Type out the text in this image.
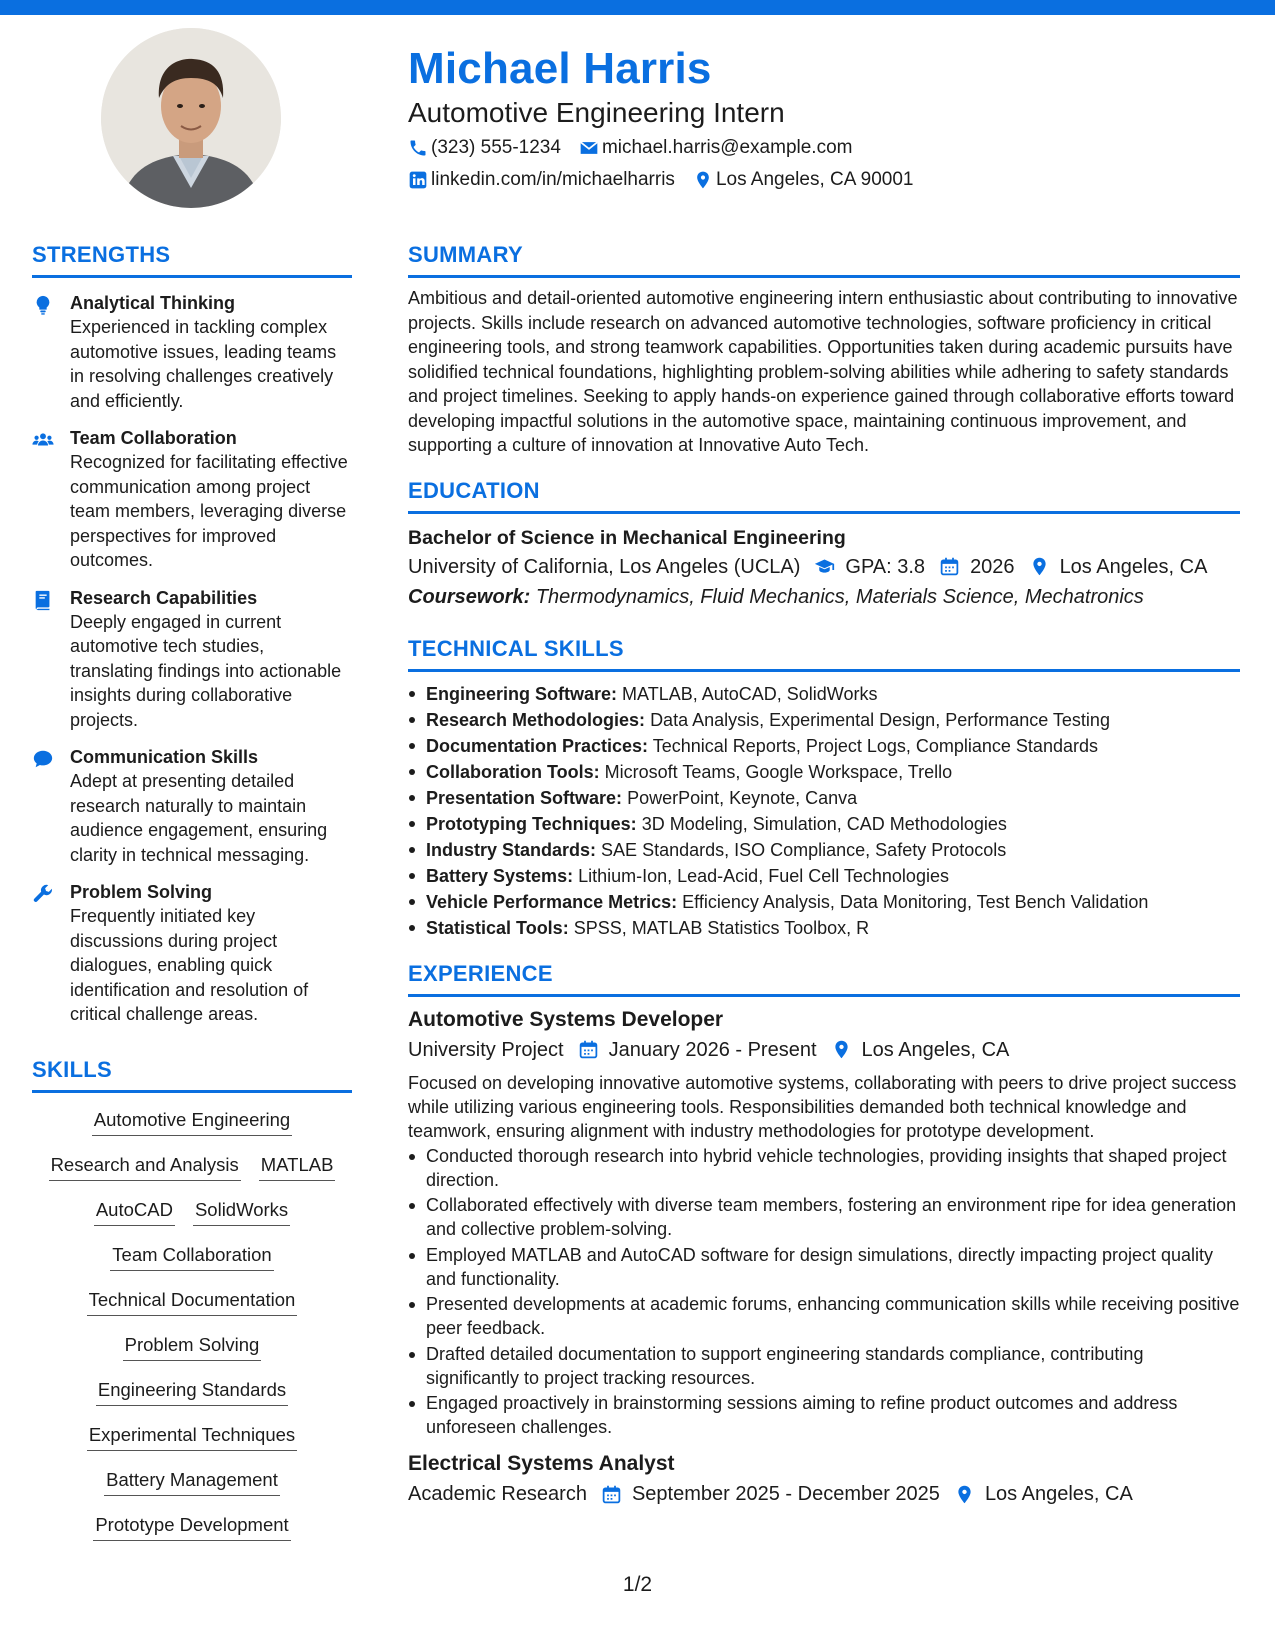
Michael Harris
Automotive Engineering Intern
(323) 555-1234 michael.harris@example.com
linkedin.com/in/michaelharris Los Angeles, CA 90001
STRENGTHS
Analytical Thinking
Experienced in tackling complex automotive issues, leading teams in resolving challenges creatively and efficiently.
Team Collaboration
Recognized for facilitating effective communication among project team members, leveraging diverse perspectives for improved outcomes.
Research Capabilities
Deeply engaged in current automotive tech studies, translating findings into actionable insights during collaborative projects.
Communication Skills
Adept at presenting detailed research naturally to maintain audience engagement, ensuring clarity in technical messaging.
Problem Solving
Frequently initiated key discussions during project dialogues, enabling quick identification and resolution of critical challenge areas.
SKILLS
Automotive Engineering
Research and Analysis MATLAB
AutoCAD SolidWorks
Team Collaboration
Technical Documentation
Problem Solving
Engineering Standards
Experimental Techniques
Battery Management
Prototype Development
SUMMARY
Ambitious and detail-oriented automotive engineering intern enthusiastic about contributing to innovative projects. Skills include research on advanced automotive technologies, software proficiency in critical engineering tools, and strong teamwork capabilities. Opportunities taken during academic pursuits have solidified technical foundations, highlighting problem-solving abilities while adhering to safety standards and project timelines. Seeking to apply hands-on experience gained through collaborative efforts toward developing impactful solutions in the automotive space, maintaining continuous improvement, and supporting a culture of innovation at Innovative Auto Tech.
EDUCATION
Bachelor of Science in Mechanical Engineering
University of California, Los Angeles (UCLA) GPA: 3.8 2026 Los Angeles, CA
Coursework: Thermodynamics, Fluid Mechanics, Materials Science, Mechatronics
TECHNICAL SKILLS
Engineering Software: MATLAB, AutoCAD, SolidWorks
Research Methodologies: Data Analysis, Experimental Design, Performance Testing
Documentation Practices: Technical Reports, Project Logs, Compliance Standards
Collaboration Tools: Microsoft Teams, Google Workspace, Trello
Presentation Software: PowerPoint, Keynote, Canva
Prototyping Techniques: 3D Modeling, Simulation, CAD Methodologies
Industry Standards: SAE Standards, ISO Compliance, Safety Protocols
Battery Systems: Lithium-Ion, Lead-Acid, Fuel Cell Technologies
Vehicle Performance Metrics: Efficiency Analysis, Data Monitoring, Test Bench Validation
Statistical Tools: SPSS, MATLAB Statistics Toolbox, R
EXPERIENCE
Automotive Systems Developer
University Project January 2026 - Present Los Angeles, CA
Focused on developing innovative automotive systems, collaborating with peers to drive project success while utilizing various engineering tools. Responsibilities demanded both technical knowledge and teamwork, ensuring alignment with industry methodologies for prototype development.
Conducted thorough research into hybrid vehicle technologies, providing insights that shaped project direction.
Collaborated effectively with diverse team members, fostering an environment ripe for idea generation and collective problem-solving.
Employed MATLAB and AutoCAD software for design simulations, directly impacting project quality and functionality.
Presented developments at academic forums, enhancing communication skills while receiving positive peer feedback.
Drafted detailed documentation to support engineering standards compliance, contributing significantly to project tracking resources.
Engaged proactively in brainstorming sessions aiming to refine product outcomes and address unforeseen challenges.
Electrical Systems Analyst
Academic Research September 2025 - December 2025 Los Angeles, CA
1/2
